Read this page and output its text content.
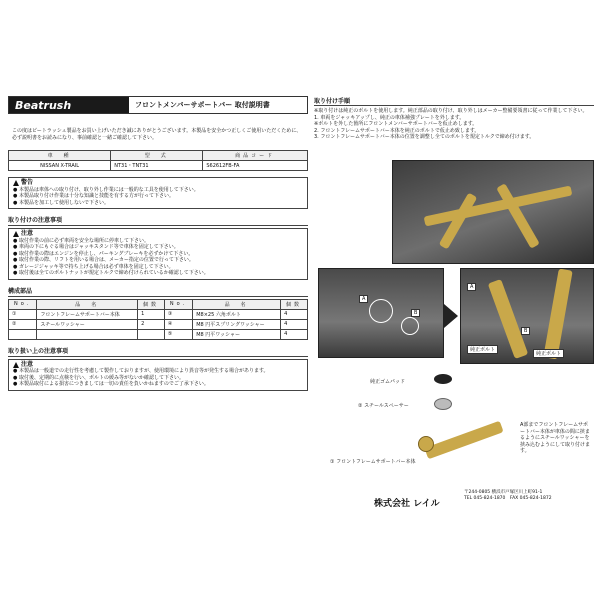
Beatrush	フロントメンバーサポートバー 取付説明書
この度はビートラッシュ製品をお買い上げいただき誠にありがとうございます。本製品を安全かつ正しくご使用いただくために、必ず説明書をお読みになり、事前確認と一緒ご確認して下さい。
車　種	型　式	商品コード
NISSAN X-TRAIL	NT31・TNT31	S62612FB-FA
警告
● 本製品は車体への取り付け、取り外し作業には一般的な工具を使用して下さい。
● 本製品取り付け作業は十分な知識と技能を有する方が行って下さい。
● 本製品を加工して使用しないで下さい。
取り付けの注意事項
注意
● 取付作業の前に必ず車両を安全な場所に停車して下さい。
● 車両の下にもぐる場合はジャッキスタンド等で車体を固定して下さい。
● 取付作業の際はエンジンを停止し、パーキングブレーキを必ずかけて下さい。
● 取付作業の際、リフトを用いる場合は、メーカー指定の位置で行って下さい。
● ガレージジャッキ等で持ち上げる場合は必ず車体を固定して下さい。
● 取付後は全てのボルトナットが規定トルクで締め付けられているか確認して下さい。
構成部品
No.	品　名	個数	No.	品　名	個数
①	フロントフレームサポートバー本体	1	③	M8×25 六角ボルト	4
②	スチールワッシャー	2	④	M8 円平スプリングワッシャー	4
			⑤	M8 円平ワッシャー	4
取り扱い上の注意事項
注意
● 本製品は一般道での走行性を考慮して製作しておりますが、使用環境により異音等が発生する場合があります。
● 取付後、定期的に点検を行い、ボルトの緩み等がないか確認して下さい。
● 本製品取付による損害につきましては一切の責任を負いかねますのでご了承下さい。
取り付け手順
※取り付けは純正のボルトを使用します。純正部品の取り付け、取り外しはメーカー整備要領書に従って作業して下さい。
1. 車両をジャッキアップし、純正の車体補強プレートを外します。
※ボルトを外した箇所にフロントメンバーサポートバーを仮止めします。
2. フロントフレームサポートバー本体を純正のボルトで仮止め致します。
3. フロントフレームサポートバー本体の位置を調整し全てのボルトを規定トルクで締め付けます。
A
B
A
B
純正ボルト
純正ボルト
純正ゴムパッド
② スチールスペーサー
① フロントフレームサポートバー本体
A部までフロントフレームサポートバー本体が車体の間に挟まるようにスチールワッシャーを挟み込むようにして取り付けます。
株式会社 レイル
〒244-0805 横浜市戸塚区川上町91-1
TEL 045-824-1870　FAX 045-824-1872
